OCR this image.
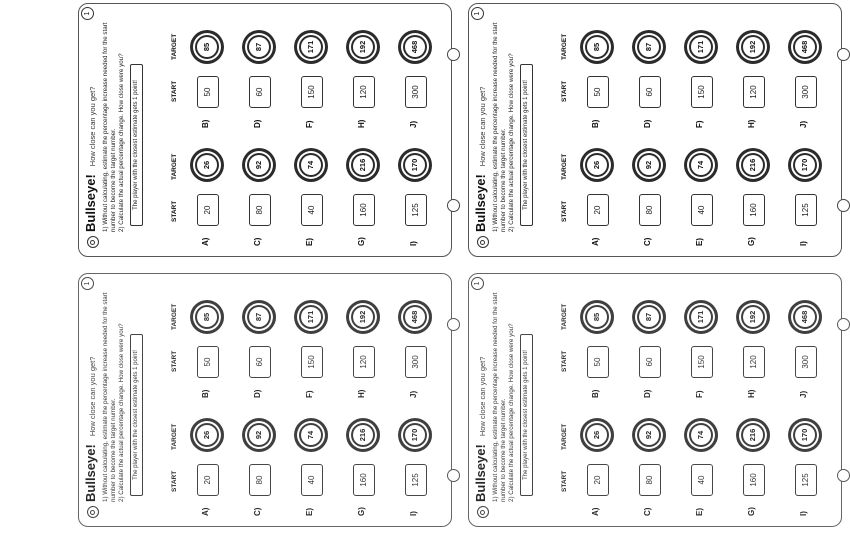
1
Bullseye!
How close can you get? 1) Without calculating, estimate the percentage increase needed for the start number to become the target number. 2) Calculate the actual percentage change. How close were you?	The player with the closest estimate gets 1 point!
START
TARGET
START
TARGET
A)
20
26
B)
50
85
C)
80
92
D)
60
87
E)
40
74
F)
150
171
G)
160
216
H)
120
192
I)
125
170
J)
300
468
1
Bullseye!
How close can you get? 1) Without calculating, estimate the percentage increase needed for the start number to become the target number. 2) Calculate the actual percentage change. How close were you?	The player with the closest estimate gets 1 point!
START
TARGET
START
TARGET
A)
20
26
B)
50
85
C)
80
92
D)
60
87
E)
40
74
F)
150
171
G)
160
216
H)
120
192
I)
125
170
J)
300
468
1
Bullseye!
How close can you get? 1) Without calculating, estimate the percentage increase needed for the start number to become the target number. 2) Calculate the actual percentage change. How close were you?	The player with the closest estimate gets 1 point!
START
TARGET
START
TARGET
A)
20
26
B)
50
85
C)
80
92
D)
60
87
E)
40
74
F)
150
171
G)
160
216
H)
120
192
I)
125
170
J)
300
468
1
Bullseye!
How close can you get? 1) Without calculating, estimate the percentage increase needed for the start number to become the target number. 2) Calculate the actual percentage change. How close were you?	The player with the closest estimate gets 1 point!
START
TARGET
START
TARGET
A)
20
26
B)
50
85
C)
80
92
D)
60
87
E)
40
74
F)
150
171
G)
160
216
H)
120
192
I)
125
170
J)
300
468
